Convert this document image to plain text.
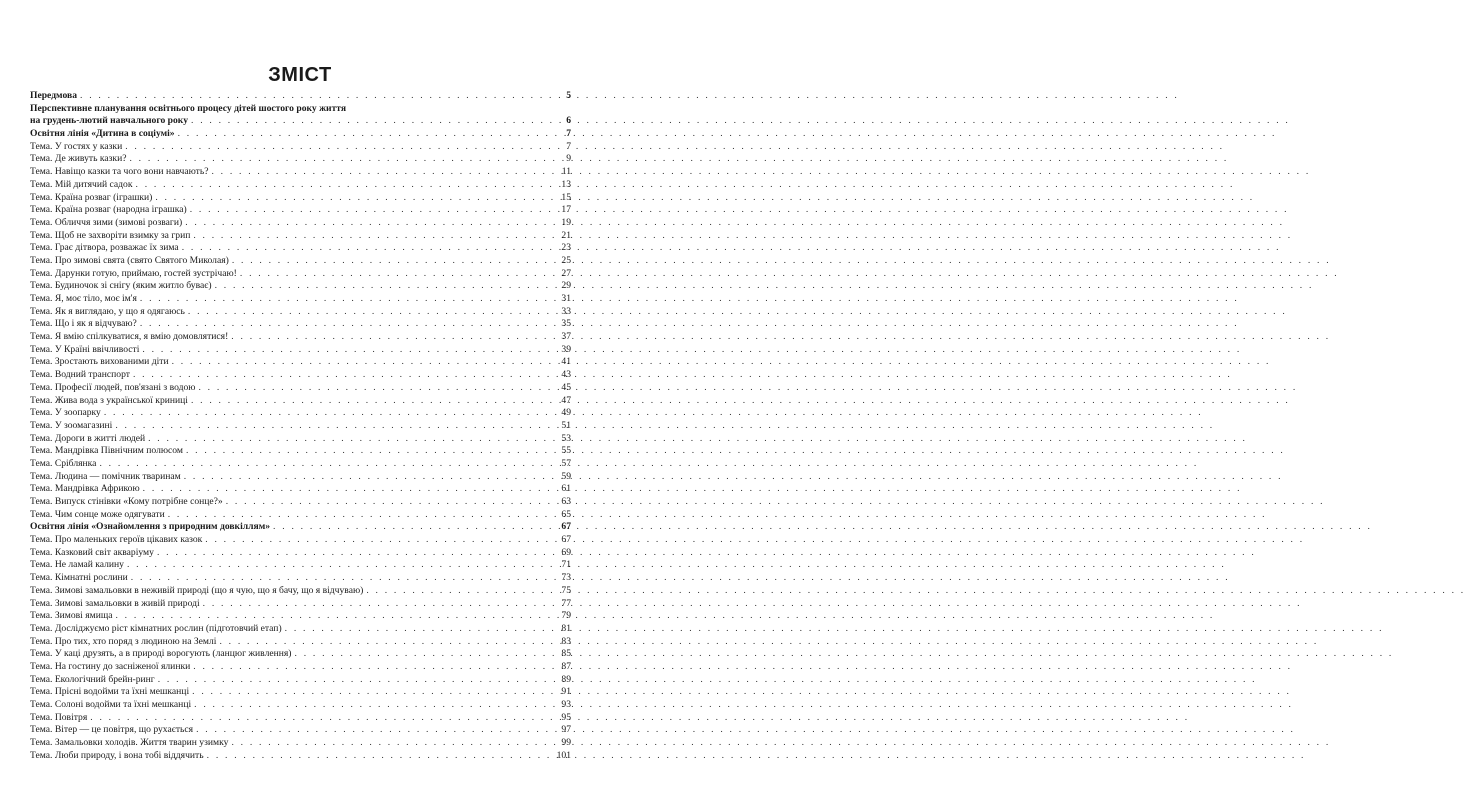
ЗМІСТ
Передмова . . .	5
Перспективне планування освітнього процесу дітей шостого року життя
на грудень-лютий навчального року . . .	6
Освітня лінія «Дитина в соціумі» . . .	7
Тема. У гостях у казки . . .	7
Тема. Де живуть казки? . . .	9
Тема. Навіщо казки та чого вони навчають? . . .	11
Тема. Мій дитячий садок . . .	13
Тема. Країна розваг (іграшки) . . .	15
Тема. Країна розваг (народна іграшка) . . .	17
Тема. Обличчя зими (зимові розваги) . . .	19
Тема. Щоб не захворіти взимку за грип . . .	21
Тема. Грає дітвора, розважає їх зима . . .	23
Тема. Про зимові свята (свято Святого Миколая) . . .	25
Тема. Дарунки готую, приймаю, гостей зустрічаю! . . .	27
Тема. Будиночок зі снігу (яким житло буває) . . .	29
Тема. Я, моє тіло, моє ім'я . . .	31
Тема. Як я виглядаю, у що я одягаюсь . . .	33
Тема. Що і як я відчуваю? . . .	35
Тема. Я вмію спілкуватися, я вмію домовлятися! . . .	37
Тема. У Країні ввічливості . . .	39
Тема. Зростають вихованими діти . . .	41
Тема. Водний транспорт . . .	43
Тема. Професії людей, пов'язані з водою . . .	45
Тема. Жива вода з української криниці . . .	47
Тема. У зоопарку . . .	49
Тема. У зоомагазині . . .	51
Тема. Дороги в житті людей . . .	53
Тема. Мандрівка Північним полюсом . . .	55
Тема. Сріблянка . . .	57
Тема. Людина — помічник тваринам . . .	59
Тема. Мандрівка Африкою . . .	61
Тема. Випуск стінівки «Кому потрібне сонце?» . . .	63
Тема. Чим сонце може одягувати . . .	65
Освітня лінія «Ознайомлення з природним довкіллям» . . .	67
Тема. Про маленьких героїв цікавих казок . . .	67
Тема. Казковий світ акваріуму . . .	69
Тема. Не ламай калину . . .	71
Тема. Кімнатні рослини . . .	73
Тема. Зимові замальовки в неживій природі (що я чую, що я бачу, що я відчуваю) . . .	75
Тема. Зимові замальовки в живій природі . . .	77
Тема. Зимові ямища . . .	79
Тема. Досліджуємо ріст кімнатних рослин (підготовчий етап) . . .	81
Тема. Про тих, хто поряд з людиною на Землі . . .	83
Тема. У каці друзять, а в природі ворогують (ланцюг живлення) . . .	85
Тема. На гостину до засніженої ялинки . . .	87
Тема. Екологічний брейн-ринг . . .	89
Тема. Прісні водойми та їхні мешканці . . .	91
Тема. Солоні водойми та їхні мешканці . . .	93
Тема. Повітря . . .	95
Тема. Вітер — це повітря, що рухається . . .	97
Тема. Замальовки холодів. Життя тварин узимку . . .	99
Тема. Люби природу, і вона тобі віддячить . . .	101
